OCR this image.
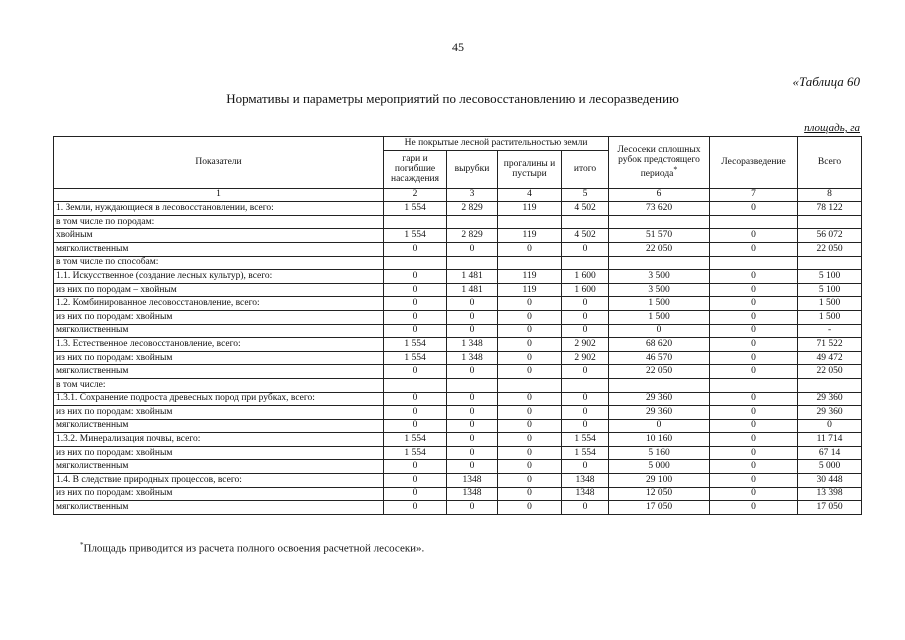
45
«Таблица 60
Нормативы и параметры мероприятий по лесовосстановлению и лесоразведению
площадь, га
Показатели	Не покрытые лесной растительностью земли				Лесосеки сплошных рубок предстоящего периода*	Лесоразведение	Всего
	гари и погибшие насаждения	вырубки	прогалины и пустыри	итого			
1	2	3	4	5	6	7	8
1. Земли, нуждающиеся в лесовосстановлении, всего:	1 554	2 829	119	4 502	73 620	0	78 122
в том числе по породам:							
хвойным	1 554	2 829	119	4 502	51 570	0	56 072
мягколиственным	0	0	0	0	22 050	0	22 050
в том числе по способам:							
1.1. Искусственное (создание лесных культур), всего:	0	1 481	119	1 600	3 500	0	5 100
из них по породам – хвойным	0	1 481	119	1 600	3 500	0	5 100
1.2. Комбинированное лесовосстановление, всего:	0	0	0	0	1 500	0	1 500
из них по породам: хвойным	0	0	0	0	1 500	0	1 500
мягколиственным	0	0	0	0	0	0	-
1.3. Естественное лесовосстановление, всего:	1 554	1 348	0	2 902	68 620	0	71 522
из них по породам: хвойным	1 554	1 348	0	2 902	46 570	0	49 472
мягколиственным	0	0	0	0	22 050	0	22 050
в том числе:							
1.3.1. Сохранение подроста древесных пород при рубках, всего:	0	0	0	0	29 360	0	29 360
из них по породам: хвойным	0	0	0	0	29 360	0	29 360
мягколиственным	0	0	0	0	0	0	0
1.3.2. Минерализация почвы, всего:	1 554	0	0	1 554	10 160	0	11 714
из них по породам: хвойным	1 554	0	0	1 554	5 160	0	67 14
мягколиственным	0	0	0	0	5 000	0	5 000
1.4. В следствие природных процессов, всего:	0	1348	0	1348	29 100	0	30 448
из них по породам: хвойным	0	1348	0	1348	12 050	0	13 398
мягколиственным	0	0	0	0	17 050	0	17 050
*Площадь приводится из расчета полного освоения расчетной лесосеки».
